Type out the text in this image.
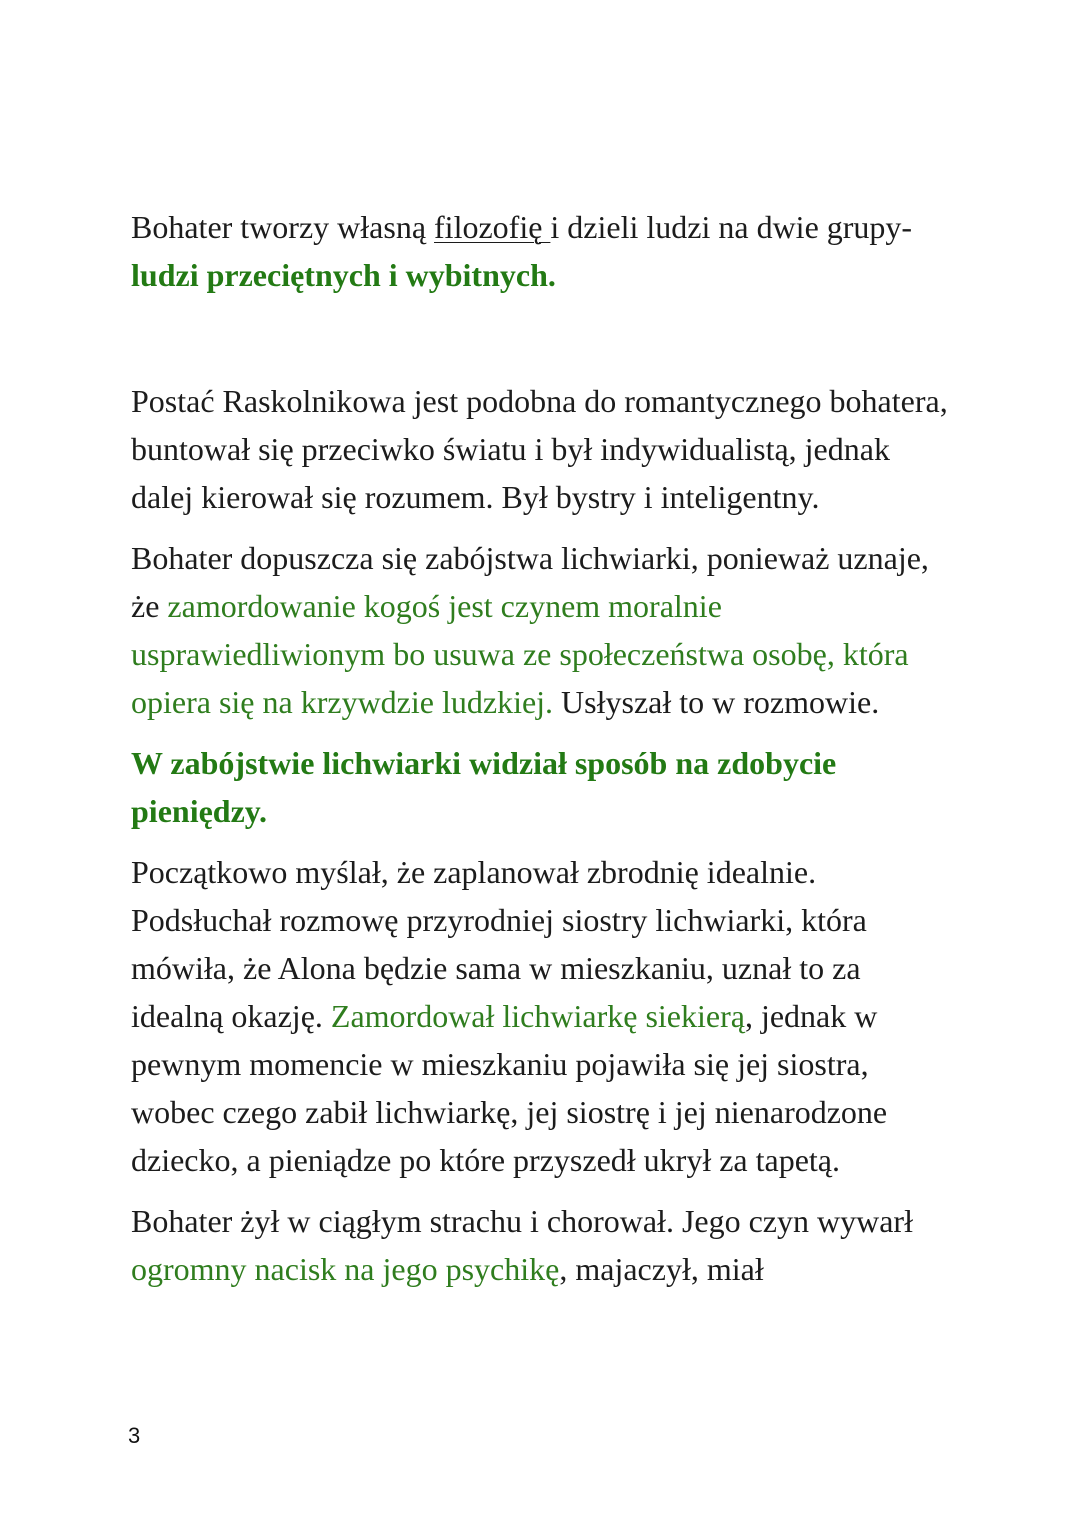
Bohater tworzy własną filozofię i dzieli ludzi na dwie grupy- ludzi przeciętnych i wybitnych.

Postać Raskolnikowa jest podobna do romantycznego bohatera, buntował się przeciwko światu i był indywidualistą, jednak dalej kierował się rozumem. Był bystry i inteligentny.

Bohater dopuszcza się zabójstwa lichwiarki, ponieważ uznaje, że zamordowanie kogoś jest czynem moralnie usprawiedliwionym bo usuwa ze społeczeństwa osobę, która opiera się na krzywdzie ludzkiej. Usłyszał to w rozmowie.

W zabójstwie lichwiarki widział sposób na zdobycie pieniędzy.

Początkowo myślał, że zaplanował zbrodnię idealnie. Podsłuchał rozmowę przyrodniej siostry lichwiarki, która mówiła, że Alona będzie sama w mieszkaniu, uznał to za idealną okazję. Zamordował lichwiarkę siekierą, jednak w pewnym momencie w mieszkaniu pojawiła się jej siostra, wobec czego zabił lichwiarkę, jej siostrę i jej nienarodzone dziecko, a pieniądze po które przyszedł ukrył za tapetą.

Bohater żył w ciągłym strachu i chorował. Jego czyn wywarł ogromny nacisk na jego psychikę, majaczył, miał

3
